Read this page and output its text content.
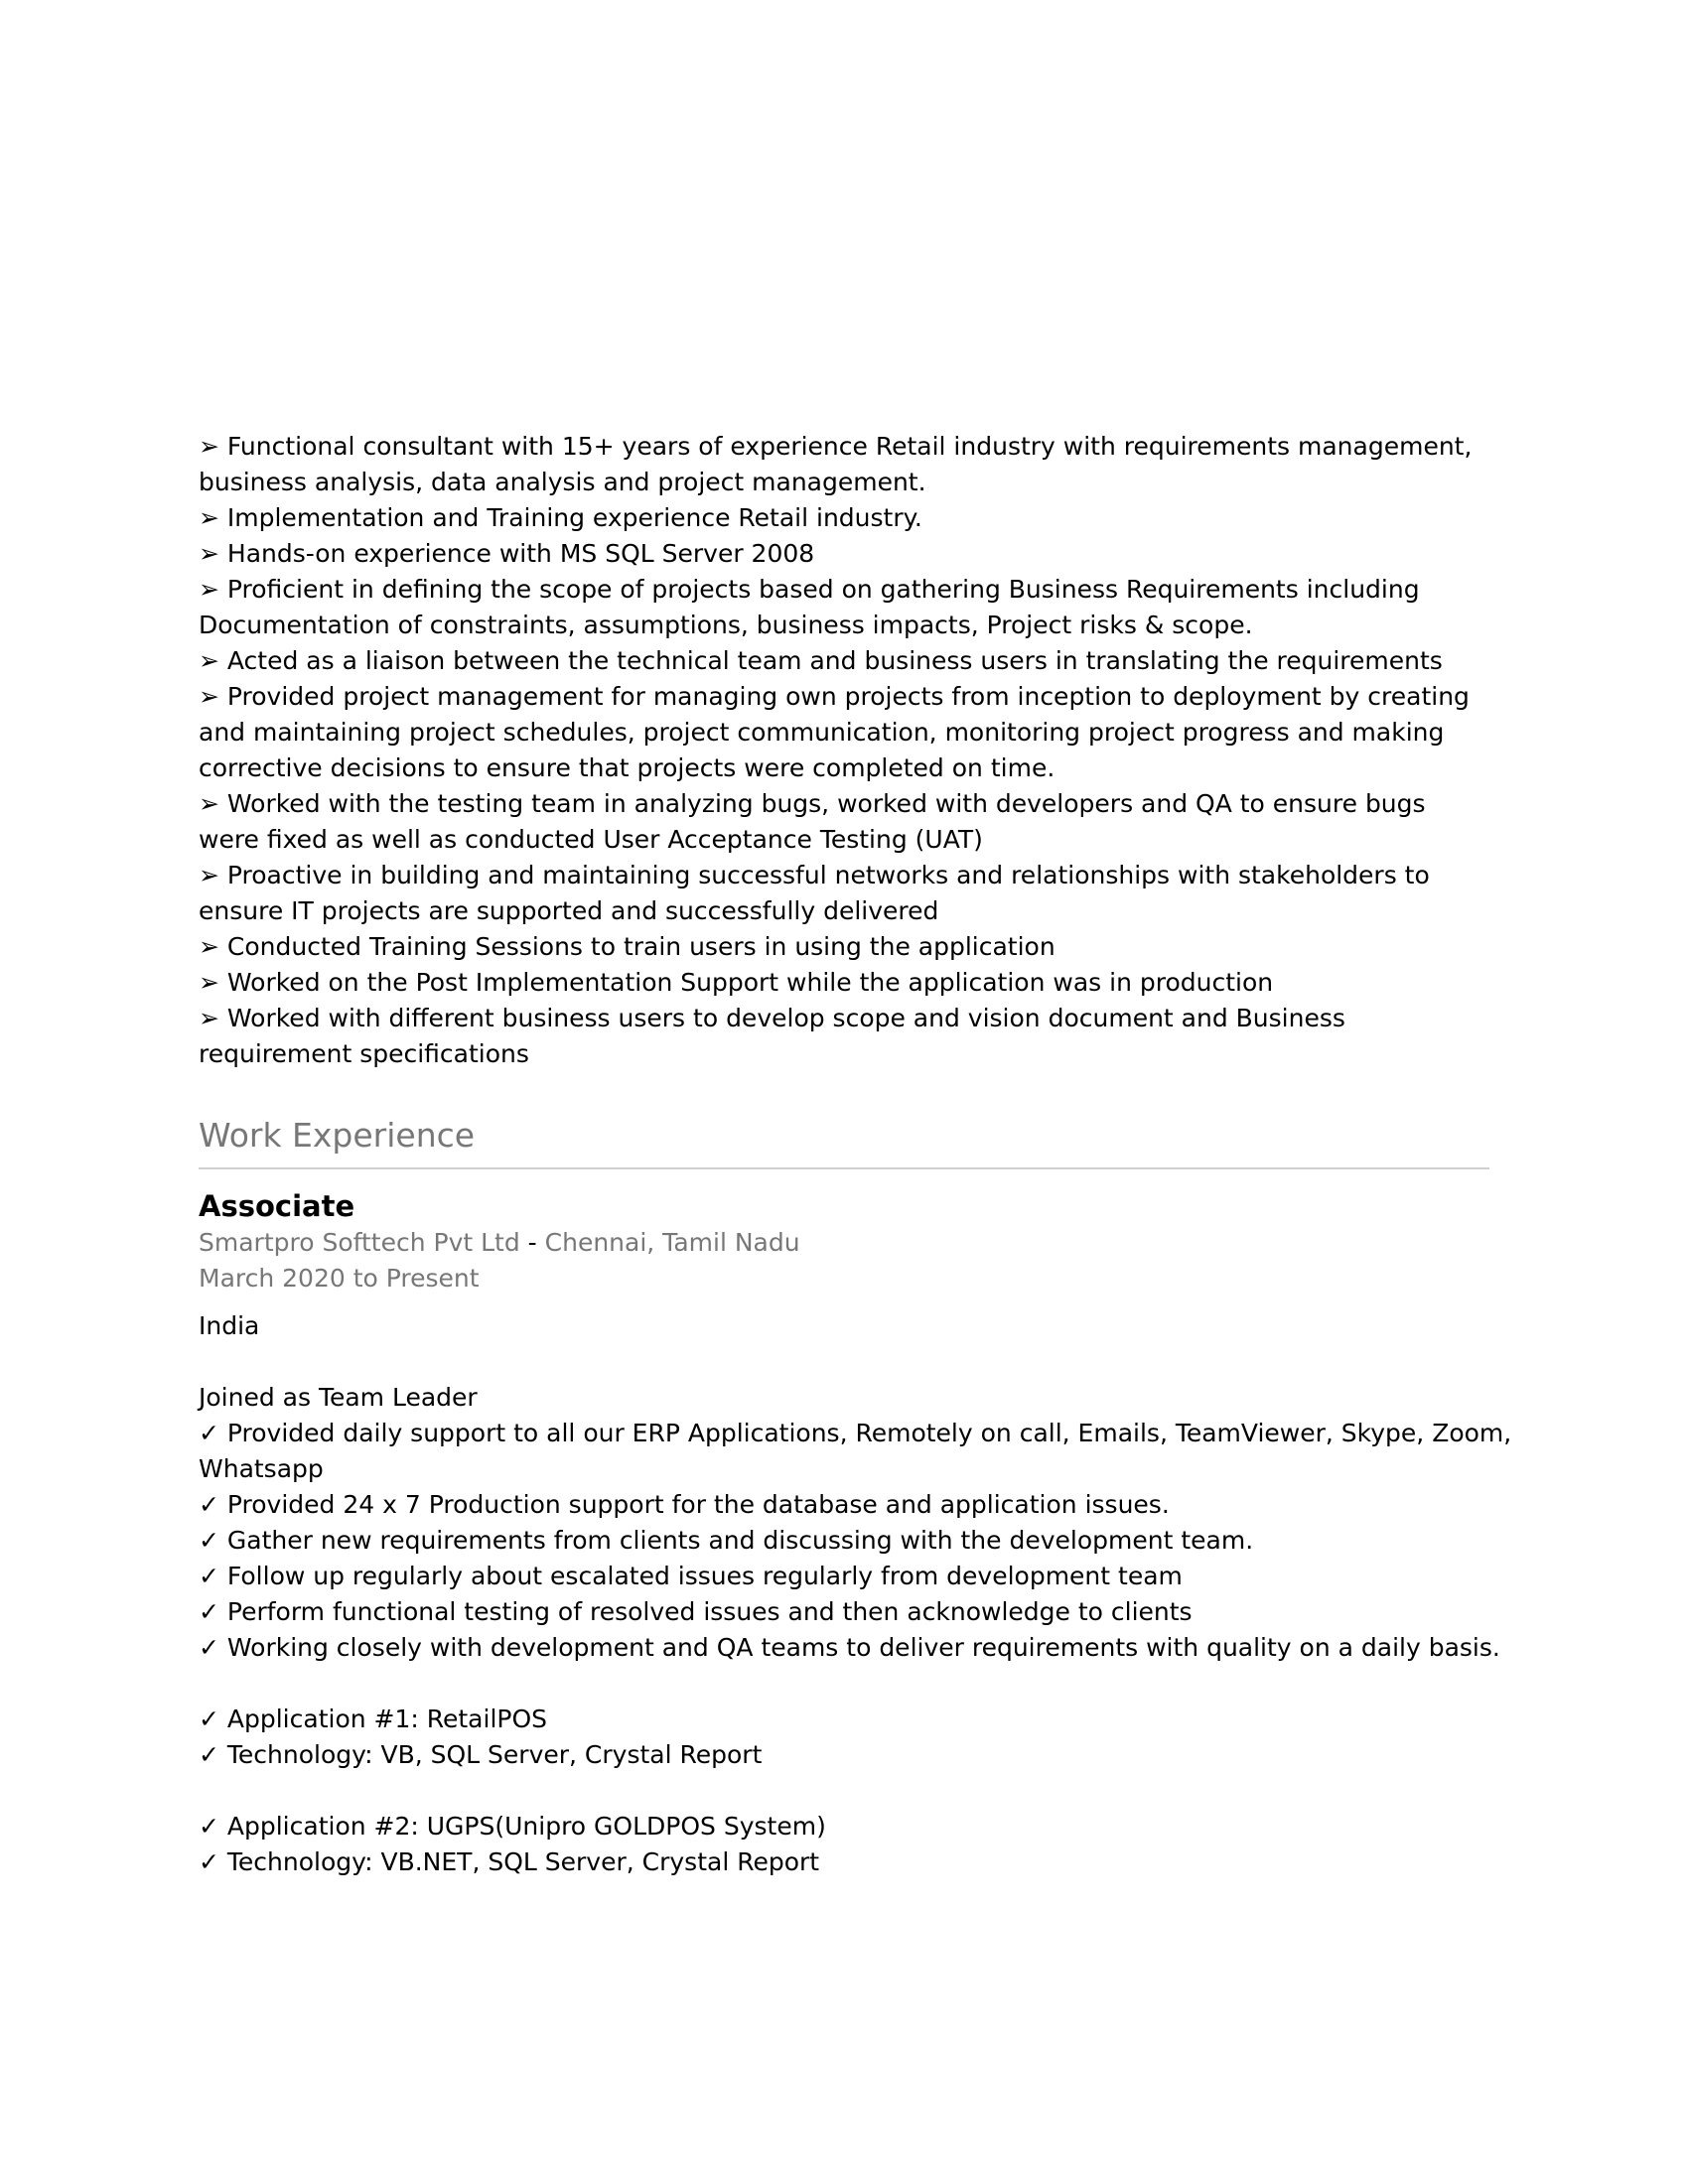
➢ Functional consultant with 15+ years of experience Retail industry with requirements management,
business analysis, data analysis and project management.
➢ Implementation and Training experience Retail industry.
➢ Hands-on experience with MS SQL Server 2008
➢ Proficient in defining the scope of projects based on gathering Business Requirements including
Documentation of constraints, assumptions, business impacts, Project risks & scope.
➢ Acted as a liaison between the technical team and business users in translating the requirements
➢ Provided project management for managing own projects from inception to deployment by creating
and maintaining project schedules, project communication, monitoring project progress and making
corrective decisions to ensure that projects were completed on time.
➢ Worked with the testing team in analyzing bugs, worked with developers and QA to ensure bugs
were fixed as well as conducted User Acceptance Testing (UAT)
➢ Proactive in building and maintaining successful networks and relationships with stakeholders to
ensure IT projects are supported and successfully delivered
➢ Conducted Training Sessions to train users in using the application
➢ Worked on the Post Implementation Support while the application was in production
➢ Worked with different business users to develop scope and vision document and Business
requirement specifications
Work Experience
Associate
Smartpro Softtech Pvt Ltd - Chennai, Tamil Nadu
March 2020 to Present
India
Joined as Team Leader
✓ Provided daily support to all our ERP Applications, Remotely on call, Emails, TeamViewer, Skype, Zoom,
Whatsapp
✓ Provided 24 x 7 Production support for the database and application issues.
✓ Gather new requirements from clients and discussing with the development team.
✓ Follow up regularly about escalated issues regularly from development team
✓ Perform functional testing of resolved issues and then acknowledge to clients
✓ Working closely with development and QA teams to deliver requirements with quality on a daily basis.
✓ Application #1: RetailPOS
✓ Technology: VB, SQL Server, Crystal Report
✓ Application #2: UGPS(Unipro GOLDPOS System)
✓ Technology: VB.NET, SQL Server, Crystal Report
